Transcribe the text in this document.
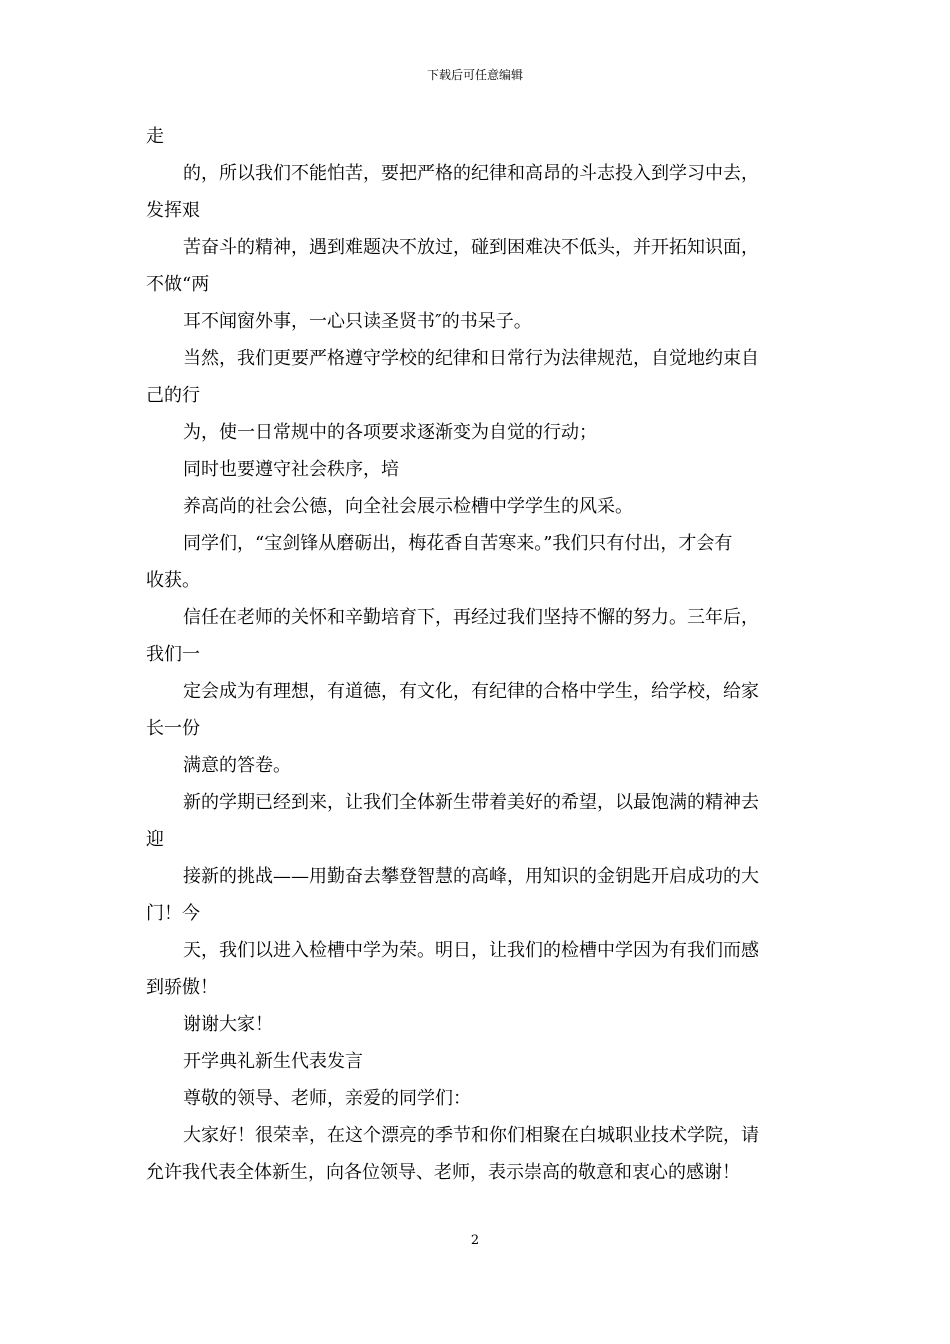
下载后可任意编辑
走
的，所以我们不能怕苦，要把严格的纪律和高昂的斗志投入到学习中去，
发挥艰
苦奋斗的精神，遇到难题决不放过，碰到困难决不低头，并开拓知识面，
不做“两
耳不闻窗外事，一心只读圣贤书″的书呆子。
当然，我们更要严格遵守学校的纪律和日常行为法律规范，自觉地约束自
己的行
为，使一日常规中的各项要求逐渐变为自觉的行动；
同时也要遵守社会秩序，培
养高尚的社会公德，向全社会展示检槽中学学生的风采。
同学们，“宝剑锋从磨砺出，梅花香自苦寒来。”我们只有付出，才会有
收获。
信任在老师的关怀和辛勤培育下，再经过我们坚持不懈的努力。三年后，
我们一
定会成为有理想，有道德，有文化，有纪律的合格中学生，给学校，给家
长一份
满意的答卷。
新的学期已经到来，让我们全体新生带着美好的希望，以最饱满的精神去
迎
接新的挑战——用勤奋去攀登智慧的高峰，用知识的金钥匙开启成功的大
门！今
天，我们以进入检槽中学为荣。明日，让我们的检槽中学因为有我们而感
到骄傲！
谢谢大家！
开学典礼新生代表发言
尊敬的领导、老师，亲爱的同学们：
大家好！很荣幸，在这个漂亮的季节和你们相聚在白城职业技术学院，请
允许我代表全体新生，向各位领导、老师，表示崇高的敬意和衷心的感谢！
2
